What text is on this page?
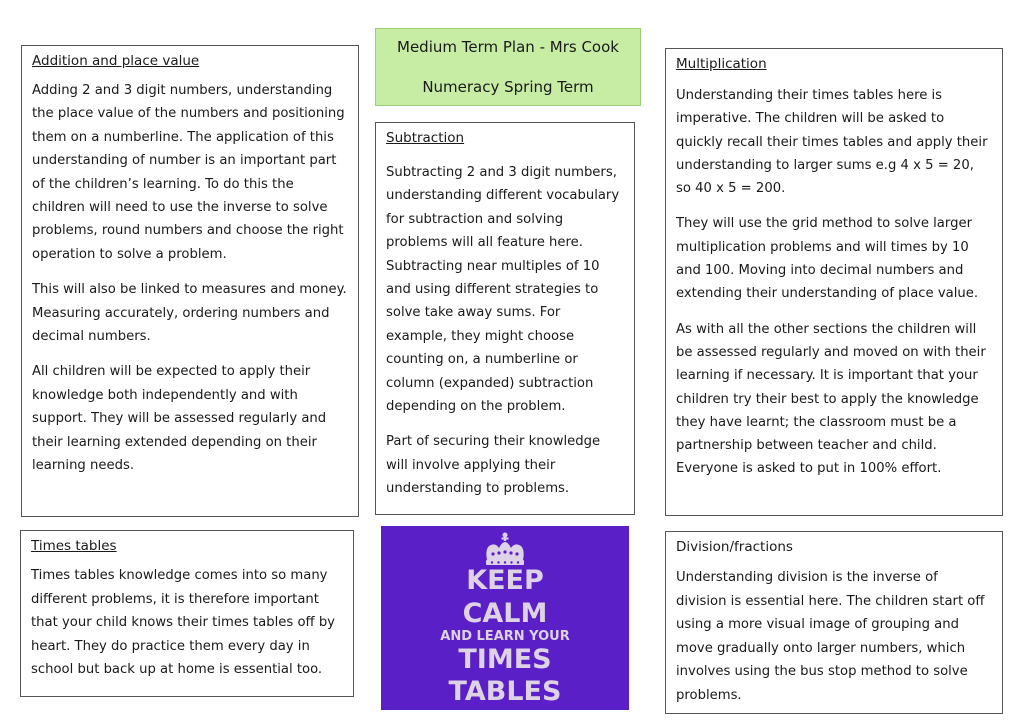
Addition and place value

Adding 2 and 3 digit numbers, understanding the place value of the numbers and positioning them on a numberline. The application of this understanding of number is an important part of the children’s learning. To do this the children will need to use the inverse to solve problems, round numbers and choose the right operation to solve a problem.

This will also be linked to measures and money. Measuring accurately, ordering numbers and decimal numbers.

All children will be expected to apply their knowledge both independently and with support. They will be assessed regularly and their learning extended depending on their learning needs.

Times tables

Times tables knowledge comes into so many different problems, it is therefore important that your child knows their times tables off by heart. They do practice them every day in school but back up at home is essential too.

Medium Term Plan - Mrs Cook
Numeracy Spring Term
Subtraction

Subtracting 2 and 3 digit numbers, understanding different vocabulary for subtraction and solving problems will all feature here. Subtracting near multiples of 10 and using different strategies to solve take away sums. For example, they might choose counting on, a numberline or column (expanded) subtraction depending on the problem.

Part of securing their knowledge will involve applying their understanding to problems.

KEEP
CALM
AND LEARN YOUR
TIMES
TABLES
Multiplication

Understanding their times tables here is imperative. The children will be asked to quickly recall their times tables and apply their understanding to larger sums e.g 4 x 5 = 20, so 40 x 5 = 200.

They will use the grid method to solve larger multiplication problems and will times by 10 and 100. Moving into decimal numbers and extending their understanding of place value.

As with all the other sections the children will be assessed regularly and moved on with their learning if necessary. It is important that your children try their best to apply the knowledge they have learnt; the classroom must be a partnership between teacher and child. Everyone is asked to put in 100% effort.

Division/fractions

Understanding division is the inverse of division is essential here. The children start off using a more visual image of grouping and move gradually onto larger numbers, which involves using the bus stop method to solve problems.
